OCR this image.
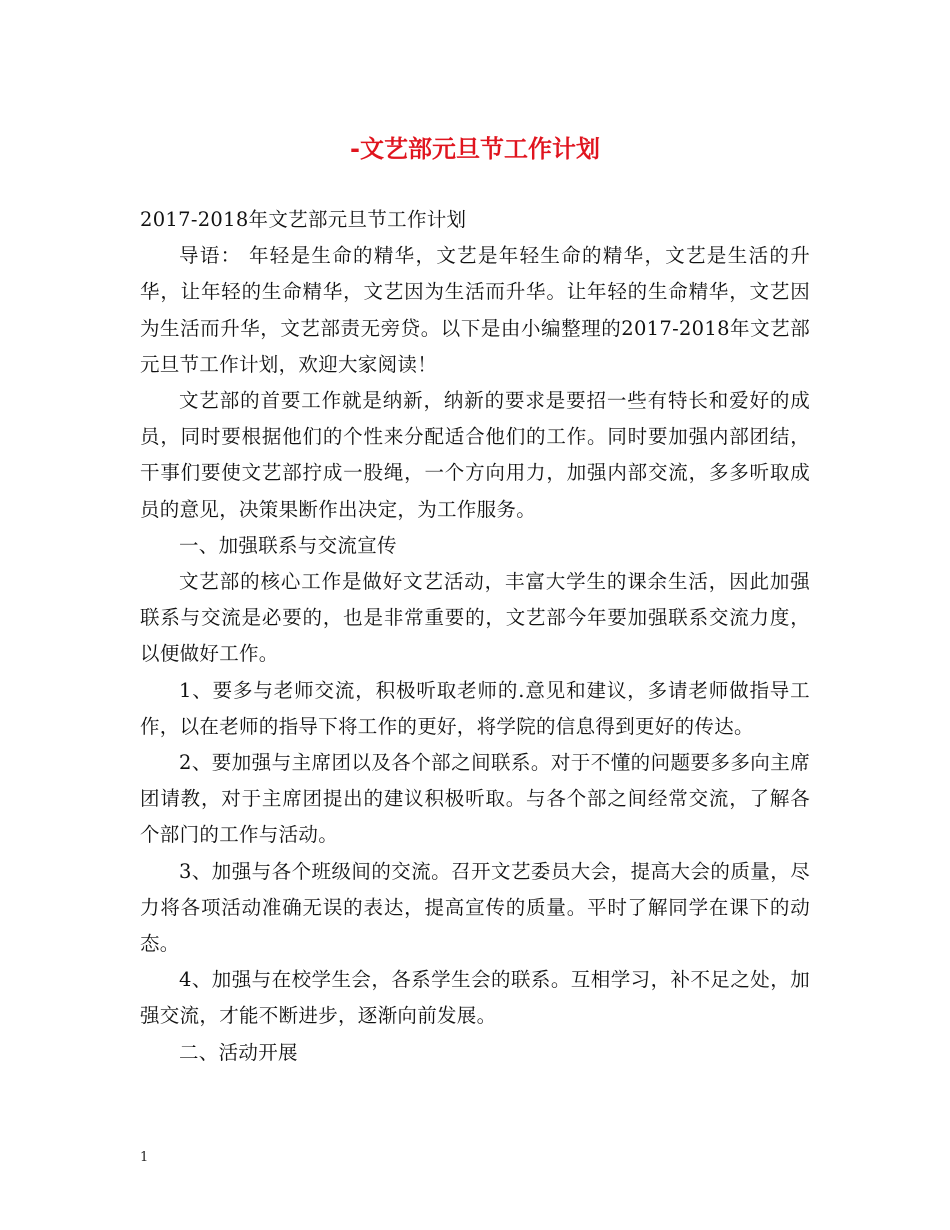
-文艺部元旦节工作计划

2017-2018年文艺部元旦节工作计划

导语： 年轻是生命的精华，文艺是年轻生命的精华，文艺是生活的升华，让年轻的生命精华，文艺因为生活而升华。让年轻的生命精华，文艺因为生活而升华，文艺部责无旁贷。以下是由小编整理的2017-2018年文艺部元旦节工作计划，欢迎大家阅读！

文艺部的首要工作就是纳新，纳新的要求是要招一些有特长和爱好的成员，同时要根据他们的个性来分配适合他们的工作。同时要加强内部团结，干事们要使文艺部拧成一股绳，一个方向用力，加强内部交流，多多听取成员的意见，决策果断作出决定，为工作服务。

一、加强联系与交流宣传

文艺部的核心工作是做好文艺活动，丰富大学生的课余生活，因此加强联系与交流是必要的，也是非常重要的，文艺部今年要加强联系交流力度，以便做好工作。

1、要多与老师交流，积极听取老师的.意见和建议，多请老师做指导工作，以在老师的指导下将工作的更好，将学院的信息得到更好的传达。

2、要加强与主席团以及各个部之间联系。对于不懂的问题要多多向主席团请教，对于主席团提出的建议积极听取。与各个部之间经常交流，了解各个部门的工作与活动。

3、加强与各个班级间的交流。召开文艺委员大会，提高大会的质量，尽力将各项活动准确无误的表达，提高宣传的质量。平时了解同学在课下的动态。

4、加强与在校学生会，各系学生会的联系。互相学习，补不足之处，加强交流，才能不断进步，逐渐向前发展。

二、活动开展

1
